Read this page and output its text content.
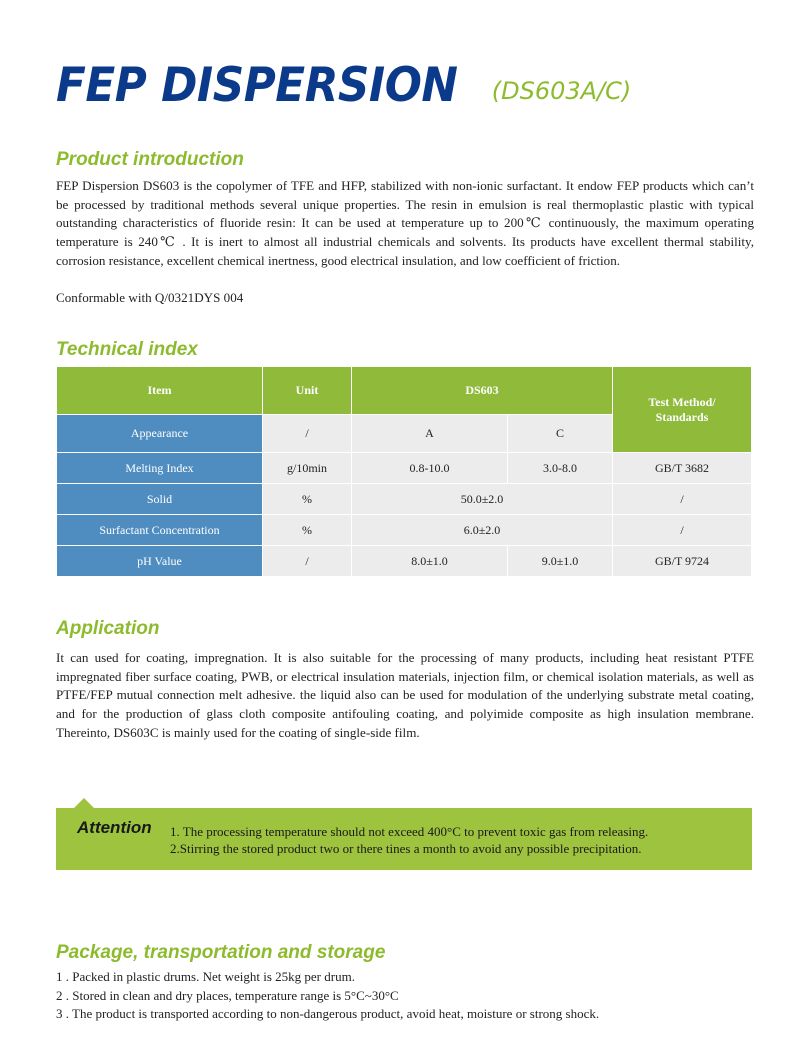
FEP DISPERSION (DS603A/C)
Product introduction

FEP Dispersion DS603 is the copolymer of TFE and HFP, stabilized with non-ionic surfactant. It endow FEP products which can’t be processed by traditional methods several unique properties. The resin in emulsion is real thermoplastic plastic with typical outstanding characteristics of fluoride resin: It can be used at temperature up to 200℃ continuously, the maximum operating temperature is 240℃ . It is inert to almost all industrial chemicals and solvents. Its products have excellent thermal stability, corrosion resistance, excellent chemical inertness, good electrical insulation, and low coefficient of friction.

Conformable with Q/0321DYS 004
Technical index
Item	Unit	DS603		Test Method/ Standards
Appearance	/	A	C	
Melting Index	g/10min	0.8-10.0	3.0-8.0	GB/T 3682
Solid	%	50.0±2.0		/
Surfactant Concentration	%	6.0±2.0		/
pH Value	/	8.0±1.0	9.0±1.0	GB/T 9724
Application

It can used for coating, impregnation. It is also suitable for the processing of many products, including heat resistant PTFE impregnated fiber surface coating, PWB, or electrical insulation materials, injection film, or chemical isolation materials, as well as PTFE/FEP mutual connection melt adhesive. the liquid also can be used for modulation of the underlying substrate metal coating, and for the production of glass cloth composite antifouling coating, and polyimide composite as high insulation membrane. Thereinto, DS603C is mainly used for the coating of single-side film.

Attention 1. The processing temperature should not exceed 400°C to prevent toxic gas from releasing.
2.Stirring the stored product two or there tines a month to avoid any possible precipitation.
Package, transportation and storage
1 . Packed in plastic drums. Net weight is 25kg per drum.
2 . Stored in clean and dry places, temperature range is 5°C~30°C
3 . The product is transported according to non-dangerous product, avoid heat, moisture or strong shock.
